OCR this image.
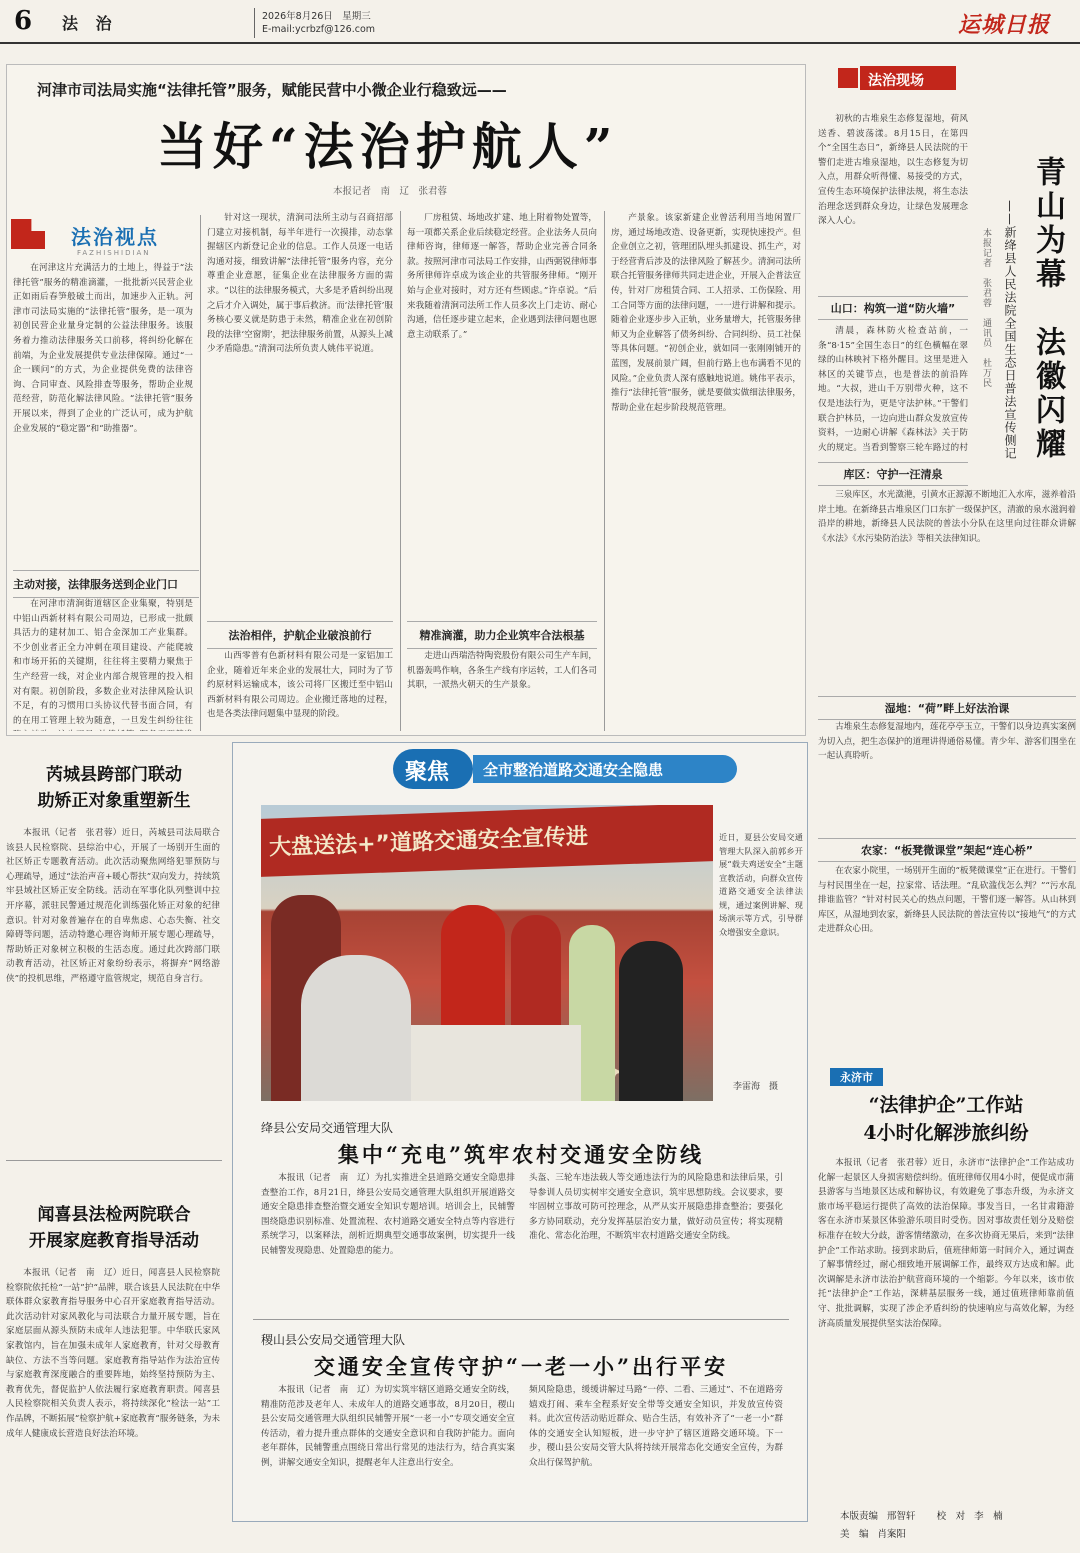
6 法 治	2026年8月26日　星期三
E-mail:ycrbzf@126.com	运城日报
河津市司法局实施“法律托管”服务，赋能民营中小微企业行稳致远——
当好“法治护航人”
本报记者　南　辽　张君蓉
法治视点
FAZHISHIDIAN
在河津这片充满活力的土地上，得益于“法律托管”服务的精准滴灌，一批批新兴民营企业正如雨后春笋般破土而出，加速步入正轨。河津市司法局实施的“法律托管”服务，是一项为初创民营企业量身定制的公益法律服务。该服务着力推动法律服务关口前移，将纠纷化解在前端，为企业发展提供专业法律保障。通过“一企一顾问”的方式，为企业提供免费的法律咨询、合同审查、风险排查等服务，帮助企业规范经营，防范化解法律风险。“法律托管”服务开展以来，得到了企业的广泛认可，成为护航企业发展的“稳定器”和“助推器”。
主动对接，法律服务送到企业门口
在河津市清涧街道辖区企业集聚，特别是中铝山西新材料有限公司周边，已形成一批颇具活力的建材加工、铝合金深加工产业集群。不少创业者正全力冲刺在项目建设、产能爬坡和市场开拓的关键期，往往将主要精力聚焦于生产经营一线，对企业内部合规管理的投入相对有限。初创阶段，多数企业对法律风险认识不足，有的习惯用口头协议代替书面合同，有的在用工管理上较为随意，一旦发生纠纷往往
针对这一现状，清涧司法所主动与召商招部门建立对接机制，每半年进行一次摸排，动态掌握辖区内新登记企业的信息。工作人员逐一电话沟通对接，细致讲解“法律托管”服务内容，充分尊重企业意愿，征集企业在法律服务方面的需求。“以往的法律服务模式，大多是矛盾纠纷出现之后才介入调处，属于事后救济。而‘法律托管’服务核心要义就是防患于未然，精准企业在初创阶段的法律‘空窗期’，把法律服务前置，从源头上减少矛盾隐患。”清涧司法所负责人姚伟平说道。
法治相伴，护航企业破浪前行
山西零普有色新材料有限公司是一家铝加工企业，随着近年来企业的发展壮大，同时为了节约原材料运输成本，该公司将厂区搬迁至中铝山西新材料有限公司周边。企业搬迁落地的过程，也是各类法律问题集中显现的阶段。
厂房租赁、场地改扩建、地上附着物处置等，每一项都关系企业后续稳定经营。企业法务人员向律师咨询，律师逐一解答，帮助企业完善合同条款。按照河津市司法局工作安排，山西弼锐律师事务所律师许卓成为该企业的共管服务律师。“刚开始与企业对接时，对方还有些顾虑。”许卓说。“后来我随着清涧司法所工作人员多次上门走访、耐心沟通，信任逐步建立起来，企业遇到法律问题也愿意主动联系了。”
精准滴灌，助力企业筑牢合法根基
走进山西瑞浩特陶瓷股份有限公司生产车间，机器轰鸣作响，各条生产线有序运转，工人们各司其职，一派热火朝天的生产景象。
产景象。该家新建企业曾活利用当地闲置厂房，通过场地改造、设备更新，实现快速投产。但企业创立之初，管理团队埋头抓建设、抓生产，对于经营背后涉及的法律风险了解甚少。清涧司法所联合托管服务律师共同走进企业，开展入企普法宣传，针对厂房租赁合同、工人招录、工伤保险、用工合同等方面的法律问题，一一进行讲解和提示。随着企业逐步步入正轨，业务量增大，托管服务律师又为企业解答了债务纠纷、合同纠纷、员工社保等具体问题。“初创企业，就如同一张刚刚铺开的蓝图，发展前景广阔，但前行路上也布满看不见的风险。”企业负责人深有感触地说道。姚伟平表示，推行“法律托管”服务，就是要做实做细法律服务，帮助企业在起步阶段规范管理。
法治现场
初秋的古堆泉生态修复湿地，荷风送香、碧波荡漾。8月15日，在第四个“全国生态日”，新绛县人民法院的干警们走进古堆泉湿地，以生态修复为切入点，用群众听得懂、易接受的方式，宣传生态环境保护法律法规，将生态法治理念送到群众身边，让绿色发展理念深入人心。	青山为幕　法徽闪耀
——新绛县人民法院全国生态日普法宣传侧记
本报记者　张君蓉　通讯员　杜万民
山口：构筑一道“防火墙”
清晨，森林防火检查站前，一条“8·15”全国生态日”的红色横幅在翠绿的山林映衬下格外醒目。这里是进入林区的关键节点，也是普法的前沿阵地。“大叔，进山千万别带火种，这不仅是违法行为，更是守法护林。”干警们联合护林员，一边向进山群众发放宣传资料，一边耐心讲解《森林法》关于防火的规定。当看到警察三轮车路过的村
库区：守护一汪清泉
三泉库区，水光潋滟，引黄水正源源不断地汇入水库，滋养着沿岸土地。在新绛县古堆泉区门口东扩一级保护区，清澈的泉水滋润着沿岸的耕地，新绛县人民法院的普法小分队在这里向过往群众讲解《水法》《水污染防治法》等相关法律知识。
湿地：“荷”畔上好法治课
古堆泉生态修复湿地内，莲花亭亭玉立，干警们以身边真实案例为切入点，把生态保护的道理讲得通俗易懂。青少年、游客们围坐在一起认真聆听。
农家：“板凳微课堂”架起“连心桥”
在农家小院里，一场别开生面的“板凳微课堂”正在进行。干警们与村民围坐在一起，拉家常、话法理。“乱砍滥伐怎么判？”“污水乱排谁监管？”针对村民关心的热点问题，干警们逐一解答。从山林到库区，从湿地到农家，新绛县人民法院的普法宣传以“接地气”的方式走进群众心田。
永济市
“法律护企”工作站
4小时化解涉旅纠纷
本报讯（记者　张君蓉）近日，永济市“法律护企”工作站成功化解一起景区人身损害赔偿纠纷。值班律师仅用4小时，便促成市蒲县游客与当地景区达成和解协议，有效避免了事态升级，为永济文旅市场平稳运行提供了高效的法治保障。事发当日，一名甘肃籍游客在永济市某景区体验游乐项目时受伤。因对事故责任划分及赔偿标准存在较大分歧，游客情绪激动，在多次协商无果后，来到“法律护企”工作站求助。接到求助后，值班律师第一时间介入，通过调查了解事情经过，耐心细致地开展调解工作，最终双方达成和解。此次调解是永济市法治护航营商环境的一个缩影。今年以来，该市依托“法律护企”工作站，深耕基层服务一线，通过值班律师靠前值守、批批调解，实现了涉企矛盾纠纷的快速响应与高效化解，为经济高质量发展提供坚实法治保障。
芮城县跨部门联动
助矫正对象重塑新生
本报讯（记者　张君蓉）近日，芮城县司法局联合该县人民检察院、县综治中心，开展了一场别开生面的社区矫正专题教育活动。此次活动聚焦网络犯罪预防与心理疏导，通过“法治声音+暖心帮扶”双向发力，持续筑牢县域社区矫正安全防线。活动在军事化队列整训中拉开序幕，派驻民警通过规范化训练强化矫正对象的纪律意识。针对对象普遍存在的自卑焦虑、心态失衡、社交障碍等问题，活动特邀心理咨询师开展专题心理疏导，帮助矫正对象树立积极的生活态度。通过此次跨部门联动教育活动，社区矫正对象纷纷表示，将摒弃“网络游侠”的投机思维，严格遵守监管规定，规范自身言行。
闻喜县法检两院联合
开展家庭教育指导活动
本报讯（记者　南　辽）近日，闻喜县人民检察院检察院依托检“一站”护“品牌，联合该县人民法院在中华联体群众家教育指导服务中心召开家庭教育指导活动。此次活动针对家风教化与司法联合力量开展专题，旨在家庭层面从源头预防未成年人违法犯罪。中华联氏家风家教馆内，旨在加强未成年人家庭教育，针对父母教育缺位、方法不当等问题。家庭教育指导站作为法治宣传与家庭教育深度融合的重要阵地，始终坚持预防为主、教育优先，督促监护人依法履行家庭教育职责。闻喜县人民检察院相关负责人表示，将持续深化“检法一站”工作品牌，不断拓展“检察护航+家庭教育”服务链条，为未成年人健康成长营造良好法治环境。
聚焦 全市整治道路交通安全隐患
大盘送法+”道路交通安全宣传进	近日，夏县公安局交通管理大队深入前郭乡开展“载夫鸡送安全”主题宣教活动，向群众宣传道路交通安全法律法规，通过案例讲解、现场演示等方式，引导群众增强安全意识。
李雷海　摄
绛县公安局交通管理大队
集中“充电”筑牢农村交通安全防线
本报讯（记者　南　辽）为扎实推进全县道路交通安全隐患排查整治工作，8月21日，绛县公安局交通管理大队组织开展道路交通安全隐患排查整治暨交通安全知识专题培训。培训会上，民辅警围绕隐患识别标准、处置流程、农村道路交通安全特点等内容进行系统学习，以案释法，剖析近期典型交通事故案例，切实提升一线民辅警发现隐患、处置隐患的能力。
头盔、三轮车违法载人等交通违法行为的风险隐患和法律后果，引导参训人员切实树牢交通安全意识，筑牢思想防线。会议要求，要牢固树立事故可防可控理念，从严从实开展隐患排查整治；要强化多方协同联动，充分发挥基层治安力量，做好动员宣传；将实现精准化、常态化治理，不断筑牢农村道路交通安全防线。
稷山县公安局交通管理大队
交通安全宣传守护“一老一小”出行平安
本报讯（记者　南　辽）为切实筑牢辖区道路交通安全防线，精准防范涉及老年人、未成年人的道路交通事故，8月20日，稷山县公安局交通管理大队组织民辅警开展“一老一小”专项交通安全宣传活动，着力提升重点群体的交通安全意识和自我防护能力。面向老年群体，民辅警重点围绕日常出行常见的违法行为，结合真实案例，讲解交通安全知识，提醒老年人注意出行安全。
频风险隐患，缓缓讲解过马路“一停、二看、三通过”、不在道路旁嬉戏打闹、乘车全程系好安全带等交通安全知识，并发放宣传资料。此次宣传活动贴近群众、贴合生活，有效补齐了“一老一小”群体的交通安全认知短板，进一步守护了辖区道路交通环境。下一步，稷山县公安局交管大队将持续开展常态化交通安全宣传，为群众出行保驾护航。
本版责编 邢智轩 校　对 李　楠
美　编 肖案阳
